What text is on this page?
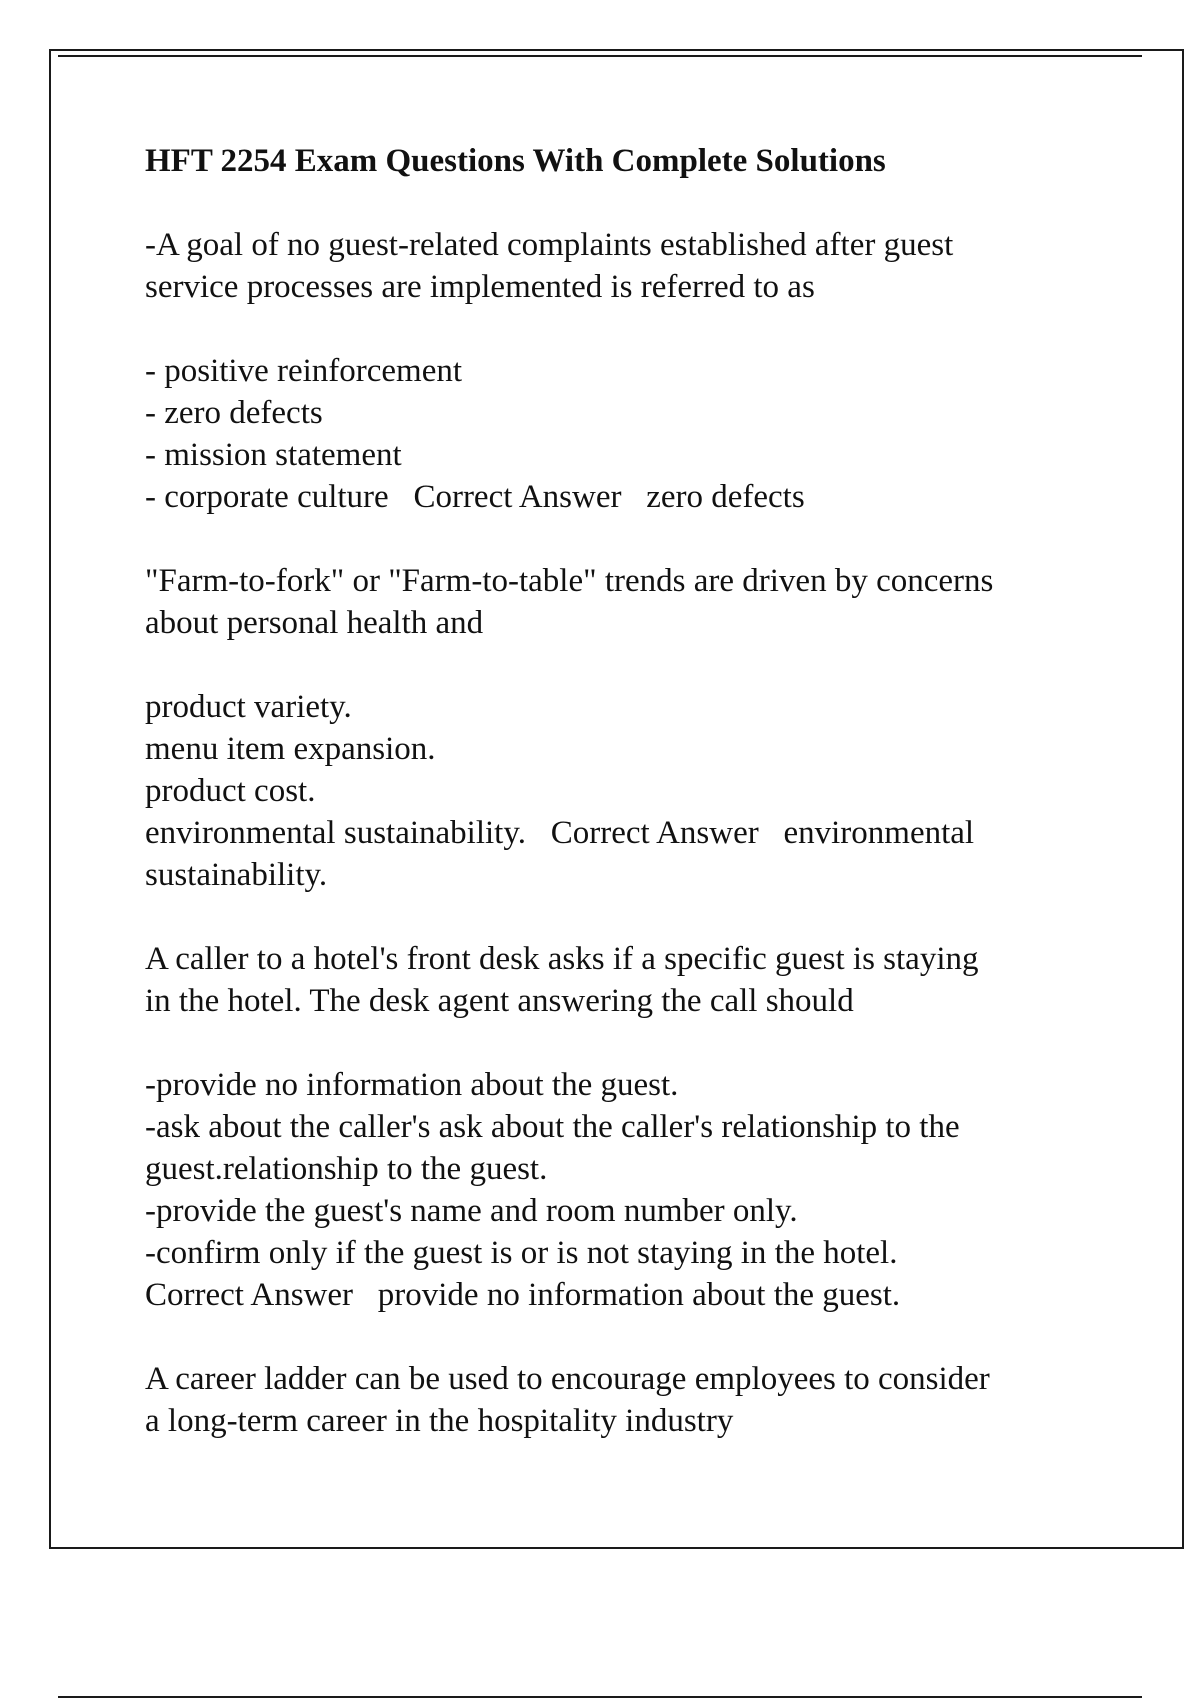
HFT 2254 Exam Questions With Complete Solutions
-A goal of no guest-related complaints established after guest
service processes are implemented is referred to as
- positive reinforcement
- zero defects
- mission statement
- corporate culture   Correct Answer   zero defects
"Farm-to-fork" or "Farm-to-table" trends are driven by concerns
about personal health and
product variety.
menu item expansion.
product cost.
environmental sustainability.   Correct Answer   environmental
sustainability.
A caller to a hotel's front desk asks if a specific guest is staying
in the hotel. The desk agent answering the call should
-provide no information about the guest.
-ask about the caller's ask about the caller's relationship to the
guest.relationship to the guest.
-provide the guest's name and room number only.
-confirm only if the guest is or is not staying in the hotel.
Correct Answer   provide no information about the guest.
A career ladder can be used to encourage employees to consider
a long-term career in the hospitality industry
